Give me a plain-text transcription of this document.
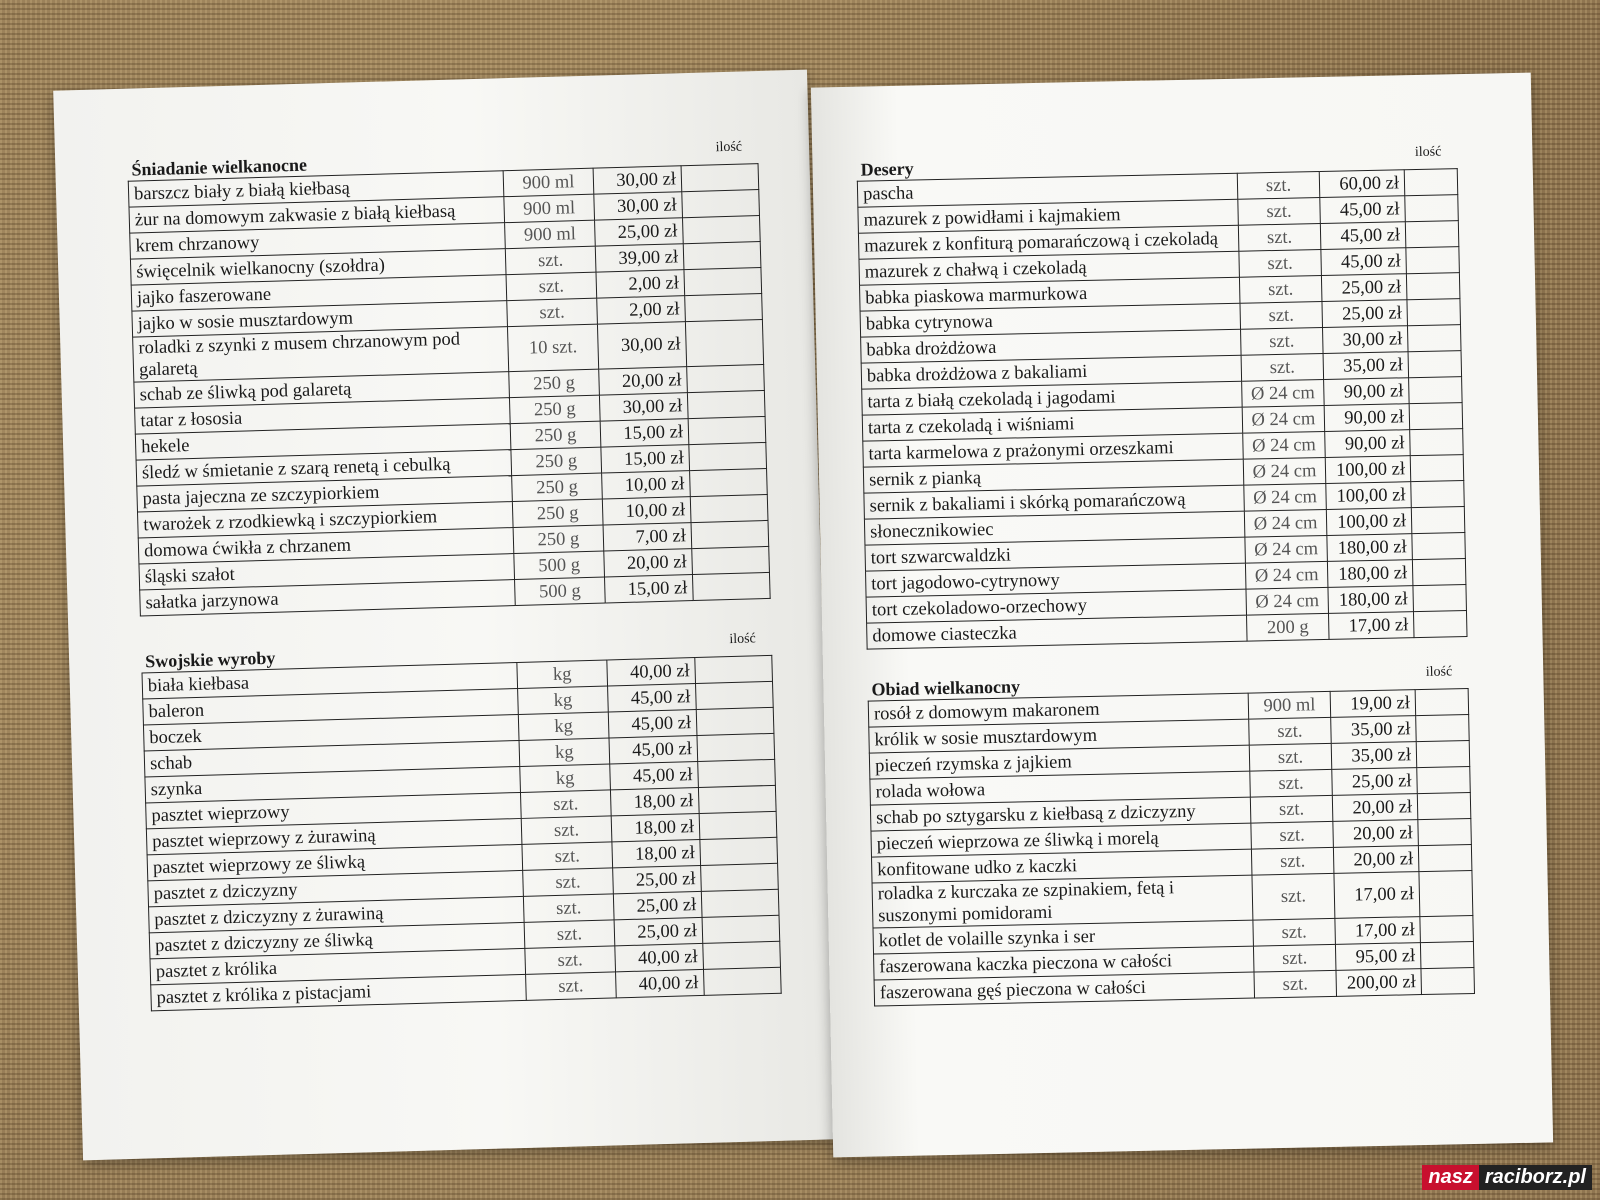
Śniadanie wielkanocne
ilość
barszcz biały z białą kiełbasą	900 ml	30,00 zł	
żur na domowym zakwasie z białą kiełbasą	900 ml	30,00 zł	
krem chrzanowy	900 ml	25,00 zł	
święcelnik wielkanocny (szołdra)	szt.	39,00 zł	
jajko faszerowane	szt.	2,00 zł	
jajko w sosie musztardowym	szt.	2,00 zł	
roladki z szynki z musem chrzanowym pod galaretą	10 szt.	30,00 zł	
schab ze śliwką pod galaretą	250 g	20,00 zł	
tatar z łososia	250 g	30,00 zł	
hekele	250 g	15,00 zł	
śledź w śmietanie z szarą renetą i cebulką	250 g	15,00 zł	
pasta jajeczna ze szczypiorkiem	250 g	10,00 zł	
twarożek z rzodkiewką i szczypiorkiem	250 g	10,00 zł	
domowa ćwikła z chrzanem	250 g	7,00 zł	
śląski szałot	500 g	20,00 zł	
sałatka jarzynowa	500 g	15,00 zł	
Swojskie wyroby
ilość
biała kiełbasa	kg	40,00 zł	
baleron	kg	45,00 zł	
boczek	kg	45,00 zł	
schab	kg	45,00 zł	
szynka	kg	45,00 zł	
pasztet wieprzowy	szt.	18,00 zł	
pasztet wieprzowy z żurawiną	szt.	18,00 zł	
pasztet wieprzowy ze śliwką	szt.	18,00 zł	
pasztet z dziczyzny	szt.	25,00 zł	
pasztet z dziczyzny z żurawiną	szt.	25,00 zł	
pasztet z dziczyzny ze śliwką	szt.	25,00 zł	
pasztet z królika	szt.	40,00 zł	
pasztet z królika z pistacjami	szt.	40,00 zł	
Desery
ilość
pascha	szt.	60,00 zł	
mazurek z powidłami i kajmakiem	szt.	45,00 zł	
mazurek z konfiturą pomarańczową i czekoladą	szt.	45,00 zł	
mazurek z chałwą i czekoladą	szt.	45,00 zł	
babka piaskowa marmurkowa	szt.	25,00 zł	
babka cytrynowa	szt.	25,00 zł	
babka drożdżowa	szt.	30,00 zł	
babka drożdżowa z bakaliami	szt.	35,00 zł	
tarta z białą czekoladą i jagodami	Ø 24 cm	90,00 zł	
tarta z czekoladą i wiśniami	Ø 24 cm	90,00 zł	
tarta karmelowa z prażonymi orzeszkami	Ø 24 cm	90,00 zł	
sernik z pianką	Ø 24 cm	100,00 zł	
sernik z bakaliami i skórką pomarańczową	Ø 24 cm	100,00 zł	
słonecznikowiec	Ø 24 cm	100,00 zł	
tort szwarcwaldzki	Ø 24 cm	180,00 zł	
tort jagodowo-cytrynowy	Ø 24 cm	180,00 zł	
tort czekoladowo-orzechowy	Ø 24 cm	180,00 zł	
domowe ciasteczka	200 g	17,00 zł	
Obiad wielkanocny
ilość
rosół z domowym makaronem	900 ml	19,00 zł	
królik w sosie musztardowym	szt.	35,00 zł	
pieczeń rzymska z jajkiem	szt.	35,00 zł	
rolada wołowa	szt.	25,00 zł	
schab po sztygarsku z kiełbasą z dziczyzny	szt.	20,00 zł	
pieczeń wieprzowa ze śliwką i morelą	szt.	20,00 zł	
konfitowane udko z kaczki	szt.	20,00 zł	
roladka z kurczaka ze szpinakiem, fetą i suszonymi pomidorami	szt.	17,00 zł	
kotlet de volaille szynka i ser	szt.	17,00 zł	
faszerowana kaczka pieczona w całości	szt.	95,00 zł	
faszerowana gęś pieczona w całości	szt.	200,00 zł	
nasz raciborz.pl
